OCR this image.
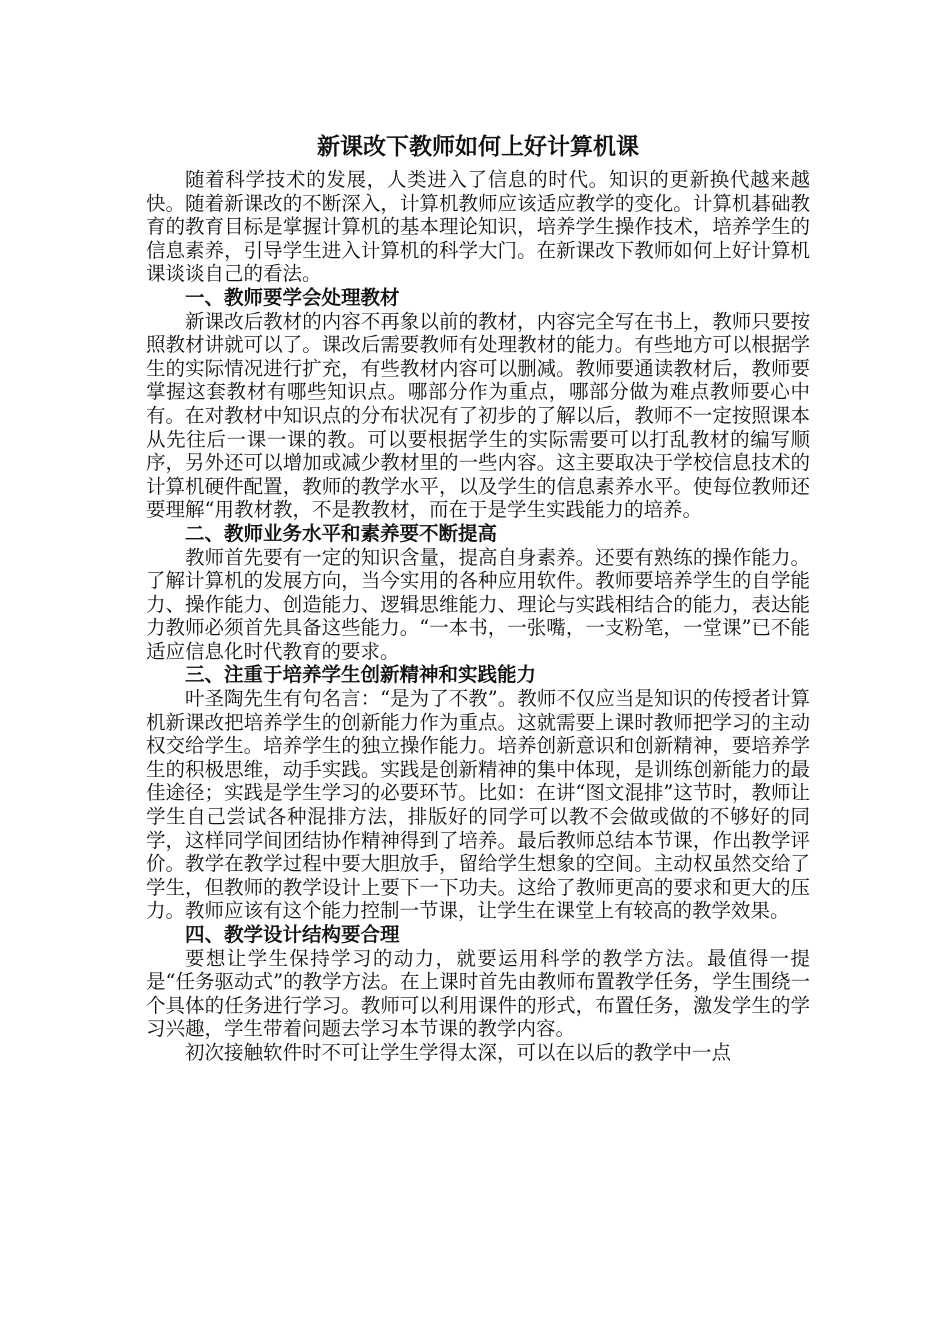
新课改下教师如何上好计算机课

随着科学技术的发展，人类进入了信息的时代。知识的更新换代越来越快。随着新课改的不断深入，计算机教师应该适应教学的变化。计算机碁础教育的教育目标是掌握计算机的基本理论知识，培养学生操作技术，培养学生的信息素养，引导学生进入计算机的科学大门。在新课改下教师如何上好计算机课谈谈自己的看法。

一、教师要学会处理教材

新课改后教材的内容不再象以前的教材，内容完全写在书上，教师只要按照教材讲就可以了。课改后需要教师有处理教材的能力。有些地方可以根据学生的实际情况进行扩充，有些教材内容可以删减。教师要通读教材后，教师要掌握这套教材有哪些知识点。哪部分作为重点，哪部分做为难点教师要心中有。在对教材中知识点的分布状况有了初步的了解以后，教师不一定按照课本从先往后一课一课的教。可以要根据学生的实际需要可以打乱教材的编写顺序，另外还可以增加或减少教材里的一些内容。这主要取决于学校信息技术的计算机硬件配置，教师的教学水平，以及学生的信息素养水平。使每位教师还要理解“用教材教，不是教教材，而在于是学生实践能力的培养。

二、教师业务水平和素养要不断提高

教师首先要有一定的知识含量，提高自身素养。还要有熟练的操作能力。了解计算机的发展方向，当今实用的各种应用软件。教师要培养学生的自学能力、操作能力、创造能力、逻辑思维能力、理论与实践相结合的能力，表达能力教师必须首先具备这些能力。“一本书，一张嘴，一支粉笔，一堂课”已不能适应信息化时代教育的要求。

三、注重于培养学生创新精神和实践能力

叶圣陶先生有句名言：“是为了不教”。教师不仅应当是知识的传授者计算机新课改把培养学生的创新能力作为重点。这就需要上课时教师把学习的主动权交给学生。培养学生的独立操作能力。培养创新意识和创新精神，要培养学生的积极思维，动手实践。实践是创新精神的集中体现，是训练创新能力的最佳途径；实践是学生学习的必要环节。比如：在讲“图文混排”这节时，教师让学生自己尝试各种混排方法，排版好的同学可以教不会做或做的不够好的同学，这样同学间团结协作精神得到了培养。最后教师总结本节课，作出教学评价。教学在教学过程中要大胆放手，留给学生想象的空间。主动权虽然交给了学生，但教师的教学设计上要下一下功夫。这给了教师更高的要求和更大的压力。教师应该有这个能力控制一节课，让学生在课堂上有较高的教学效果。

四、教学设计结构要合理

要想让学生保持学习的动力，就要运用科学的教学方法。最值得一提是“任务驱动式”的教学方法。在上课时首先由教师布置教学任务，学生围绕一个具体的任务进行学习。教师可以利用课件的形式，布置任务，激发学生的学习兴趣，学生带着问题去学习本节课的教学内容。

初次接触软件时不可让学生学得太深，可以在以后的教学中一点
